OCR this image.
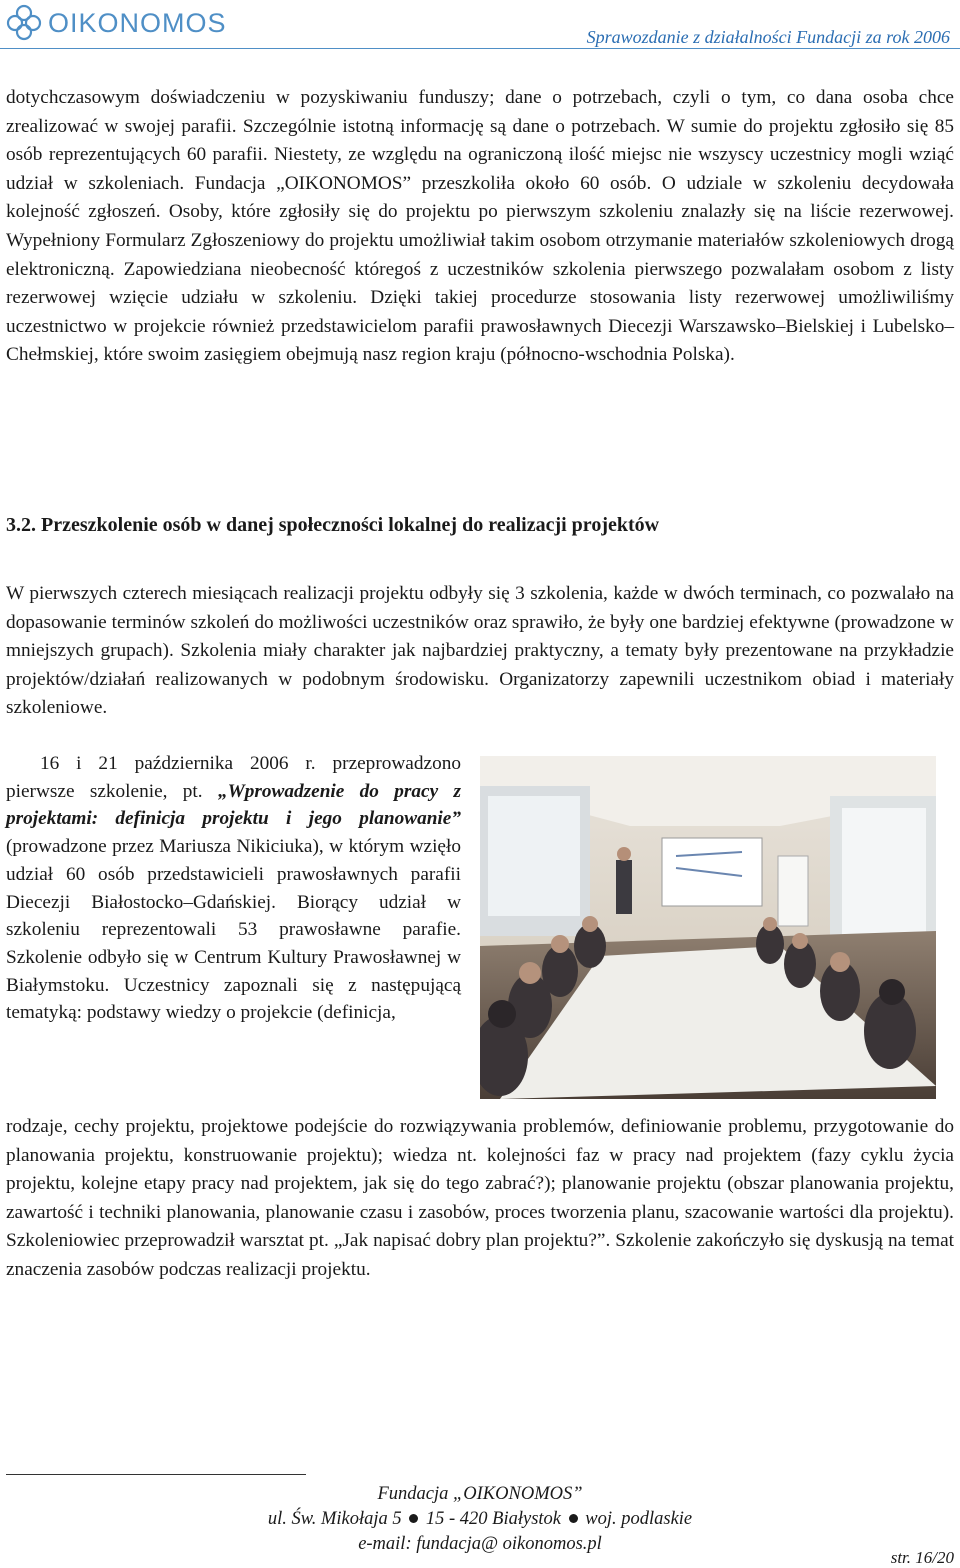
OIKONOMOS	Sprawozdanie z działalności Fundacji za rok 2006

dotychczasowym doświadczeniu w pozyskiwaniu funduszy; dane o potrzebach, czyli o tym, co dana osoba chce zrealizować w swojej parafii. Szczególnie istotną informację są dane o potrzebach. W sumie do projektu zgłosiło się 85 osób reprezentujących 60 parafii. Niestety, ze względu na ograniczoną ilość miejsc nie wszyscy uczestnicy mogli wziąć udział w szkoleniach. Fundacja „OIKONOMOS” przeszkoliła około 60 osób. O udziale w szkoleniu decydowała kolejność zgłoszeń. Osoby, które zgłosiły się do projektu po pierwszym szkoleniu znalazły się na liście rezerwowej. Wypełniony Formularz Zgłoszeniowy do projektu umożliwiał takim osobom otrzymanie materiałów szkoleniowych drogą elektroniczną. Zapowiedziana nieobecność któregoś z uczestników szkolenia pierwszego pozwalałam osobom z listy rezerwowej wzięcie udziału w szkoleniu. Dzięki takiej procedurze stosowania listy rezerwowej umożliwiliśmy uczestnictwo w projekcie również przedstawicielom parafii prawosławnych Diecezji Warszawsko–Bielskiej i Lubelsko–Chełmskiej, które swoim zasięgiem obejmują nasz region kraju (północno-wschodnia Polska).

3.2. Przeszkolenie osób w danej społeczności lokalnej do realizacji projektów

W pierwszych czterech miesiącach realizacji projektu odbyły się 3 szkolenia, każde w dwóch terminach, co pozwalało na dopasowanie terminów szkoleń do możliwości uczestników oraz sprawiło, że były one bardziej efektywne (prowadzone w mniejszych grupach). Szkolenia miały charakter jak najbardziej praktyczny, a tematy były prezentowane na przykładzie projektów/działań realizowanych w podobnym środowisku. Organizatorzy zapewnili uczestnikom obiad i materiały szkoleniowe.

16 i 21 października 2006 r. przeprowadzono pierwsze szkolenie, pt. „Wprowadzenie do pracy z projektami: definicja projektu i jego planowanie” (prowadzone przez Mariusza Nikiciuka), w którym wzięło udział 60 osób przedstawicieli prawosławnych parafii Diecezji Białostocko–Gdańskiej. Biorący udział w szkoleniu reprezentowali 53 prawosławne parafie. Szkolenie odbyło się w Centrum Kultury Prawosławnej w Białymstoku. Uczestnicy zapoznali się z następującą tematyką: podstawy wiedzy o projekcie (definicja,

rodzaje, cechy projektu, projektowe podejście do rozwiązywania problemów, definiowanie problemu, przygotowanie do planowania projektu, konstruowanie projektu); wiedza nt. kolejności faz w pracy nad projektem (fazy cyklu życia projektu, kolejne etapy pracy nad projektem, jak się do tego zabrać?); planowanie projektu (obszar planowania projektu, zawartość i techniki planowania, planowanie czasu i zasobów, proces tworzenia planu, szacowanie wartości dla projektu). Szkoleniowiec przeprowadził warsztat pt. „Jak napisać dobry plan projektu?”. Szkolenie zakończyło się dyskusją na temat znaczenia zasobów podczas realizacji projektu.

Fundacja „OIKONOMOS”
ul. Św. Mikołaja 5 15 - 420 Białystok woj. podlaskie
e-mail: fundacja@ oikonomos.pl
str. 16/20
